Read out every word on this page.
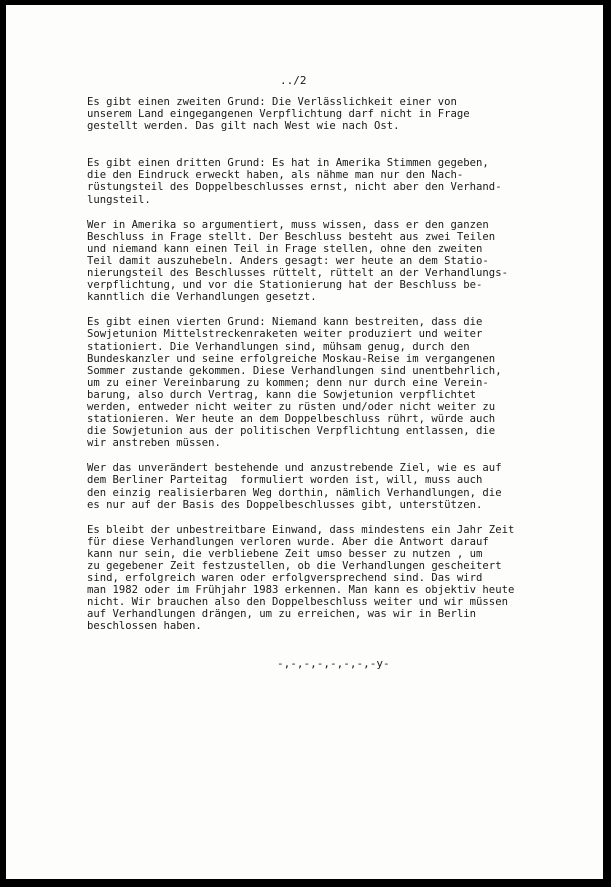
../2
Es gibt einen zweiten Grund: Die Verlässlichkeit einer von
unserem Land eingegangenen Verpflichtung darf nicht in Frage
gestellt werden. Das gilt nach West wie nach Ost.
Es gibt einen dritten Grund: Es hat in Amerika Stimmen gegeben,
die den Eindruck erweckt haben, als nähme man nur den Nach-
rüstungsteil des Doppelbeschlusses ernst, nicht aber den Verhand-
lungsteil.
Wer in Amerika so argumentiert, muss wissen, dass er den ganzen
Beschluss in Frage stellt. Der Beschluss besteht aus zwei Teilen
und niemand kann einen Teil in Frage stellen, ohne den zweiten
Teil damit auszuhebeln. Anders gesagt: wer heute an dem Statio-
nierungsteil des Beschlusses rüttelt, rüttelt an der Verhandlungs-
verpflichtung, und vor die Stationierung hat der Beschluss be-
kanntlich die Verhandlungen gesetzt.
Es gibt einen vierten Grund: Niemand kann bestreiten, dass die
Sowjetunion Mittelstreckenraketen weiter produziert und weiter
stationiert. Die Verhandlungen sind, mühsam genug, durch den
Bundeskanzler und seine erfolgreiche Moskau-Reise im vergangenen
Sommer zustande gekommen. Diese Verhandlungen sind unentbehrlich,
um zu einer Vereinbarung zu kommen; denn nur durch eine Verein-
barung, also durch Vertrag, kann die Sowjetunion verpflichtet
werden, entweder nicht weiter zu rüsten und/oder nicht weiter zu
stationieren. Wer heute an dem Doppelbeschluss rührt, würde auch
die Sowjetunion aus der politischen Verpflichtung entlassen, die
wir anstreben müssen.
Wer das unverändert bestehende und anzustrebende Ziel, wie es auf
dem Berliner Parteitag  formuliert worden ist, will, muss auch
den einzig realisierbaren Weg dorthin, nämlich Verhandlungen, die
es nur auf der Basis des Doppelbeschlusses gibt, unterstützen.
Es bleibt der unbestreitbare Einwand, dass mindestens ein Jahr Zeit
für diese Verhandlungen verloren wurde. Aber die Antwort darauf
kann nur sein, die verbliebene Zeit umso besser zu nutzen , um
zu gegebener Zeit festzustellen, ob die Verhandlungen gescheitert
sind, erfolgreich waren oder erfolgversprechend sind. Das wird
man 1982 oder im Frühjahr 1983 erkennen. Man kann es objektiv heute
nicht. Wir brauchen also den Doppelbeschluss weiter und wir müssen
auf Verhandlungen drängen, um zu erreichen, was wir in Berlin
beschlossen haben.
-,-,-,-,-,-,-,-y-
